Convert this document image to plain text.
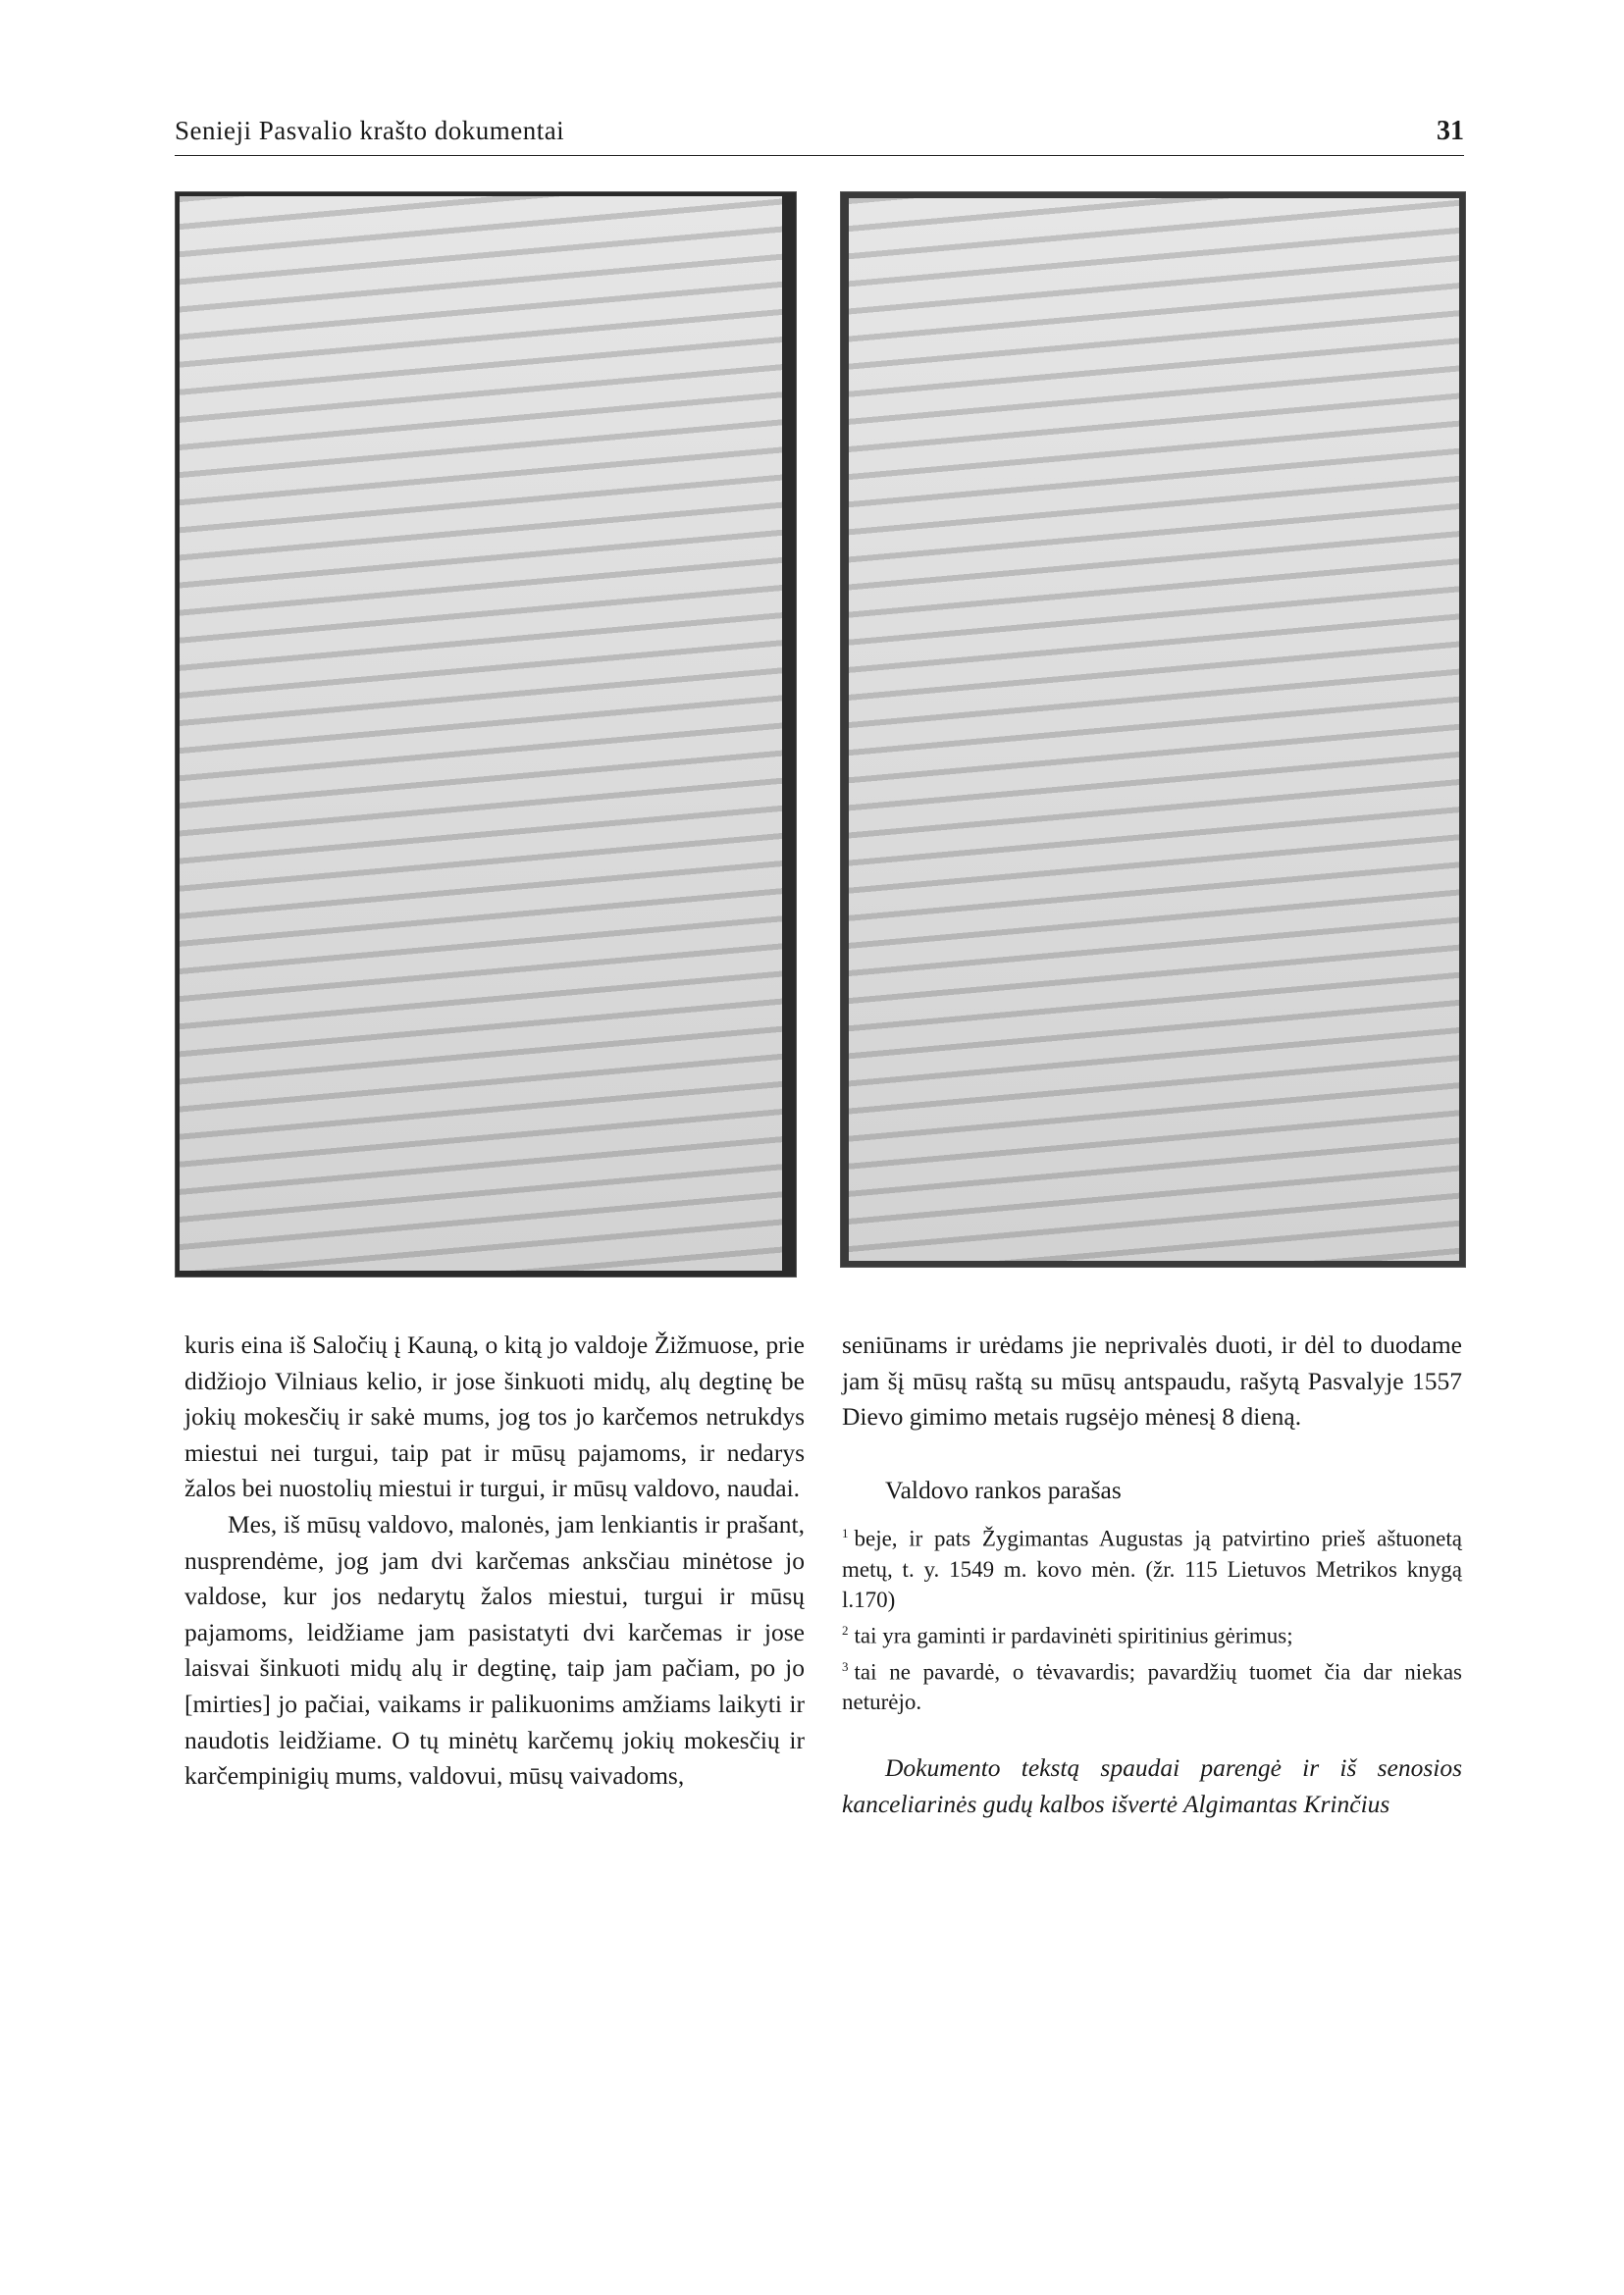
Senieji Pasvalio krašto dokumentai	31

kuris eina iš Saločių į Kauną, o kitą jo valdoje Žižmuose, prie didžiojo Vilniaus kelio, ir jose šinkuoti midų, alų degtinę be jokių mokesčių ir sakė mums, jog tos jo karčemos netrukdys miestui nei turgui, taip pat ir mūsų pajamoms, ir nedarys žalos bei nuostolių miestui ir turgui, ir mūsų valdovo, naudai.

Mes, iš mūsų valdovo, malonės, jam lenkiantis ir prašant, nusprendėme, jog jam dvi karčemas anksčiau minėtose jo valdose, kur jos nedarytų žalos miestui, turgui ir mūsų pajamoms, leidžiame jam pasistatyti dvi karčemas ir jose laisvai šinkuoti midų alų ir degtinę, taip jam pačiam, po jo [mirties] jo pačiai, vaikams ir palikuonims amžiams laikyti ir naudotis leidžiame. O tų minėtų karčemų jokių mokesčių ir karčempinigių mums, valdovui, mūsų vaivadoms,

seniūnams ir urėdams jie neprivalės duoti, ir dėl to duodame jam šį mūsų raštą su mūsų antspaudu, rašytą Pasvalyje 1557 Dievo gimimo metais rugsėjo mėnesį 8 dieną.

Valdovo rankos parašas

$^1$ beje, ir pats Žygimantas Augustas ją patvirtino prieš aštuonetą metų, t. y. 1549 m. kovo mėn. (žr. 115 Lietuvos Metrikos knygą l.170)

$^2$ tai yra gaminti ir pardavinėti spiritinius gėrimus;

$^3$ tai ne pavardė, o tėvavardis; pavardžių tuomet čia dar niekas neturėjo.

Dokumento tekstą spaudai parengė ir iš senosios kanceliarinės gudų kalbos išvertė Algimantas Krinčius
